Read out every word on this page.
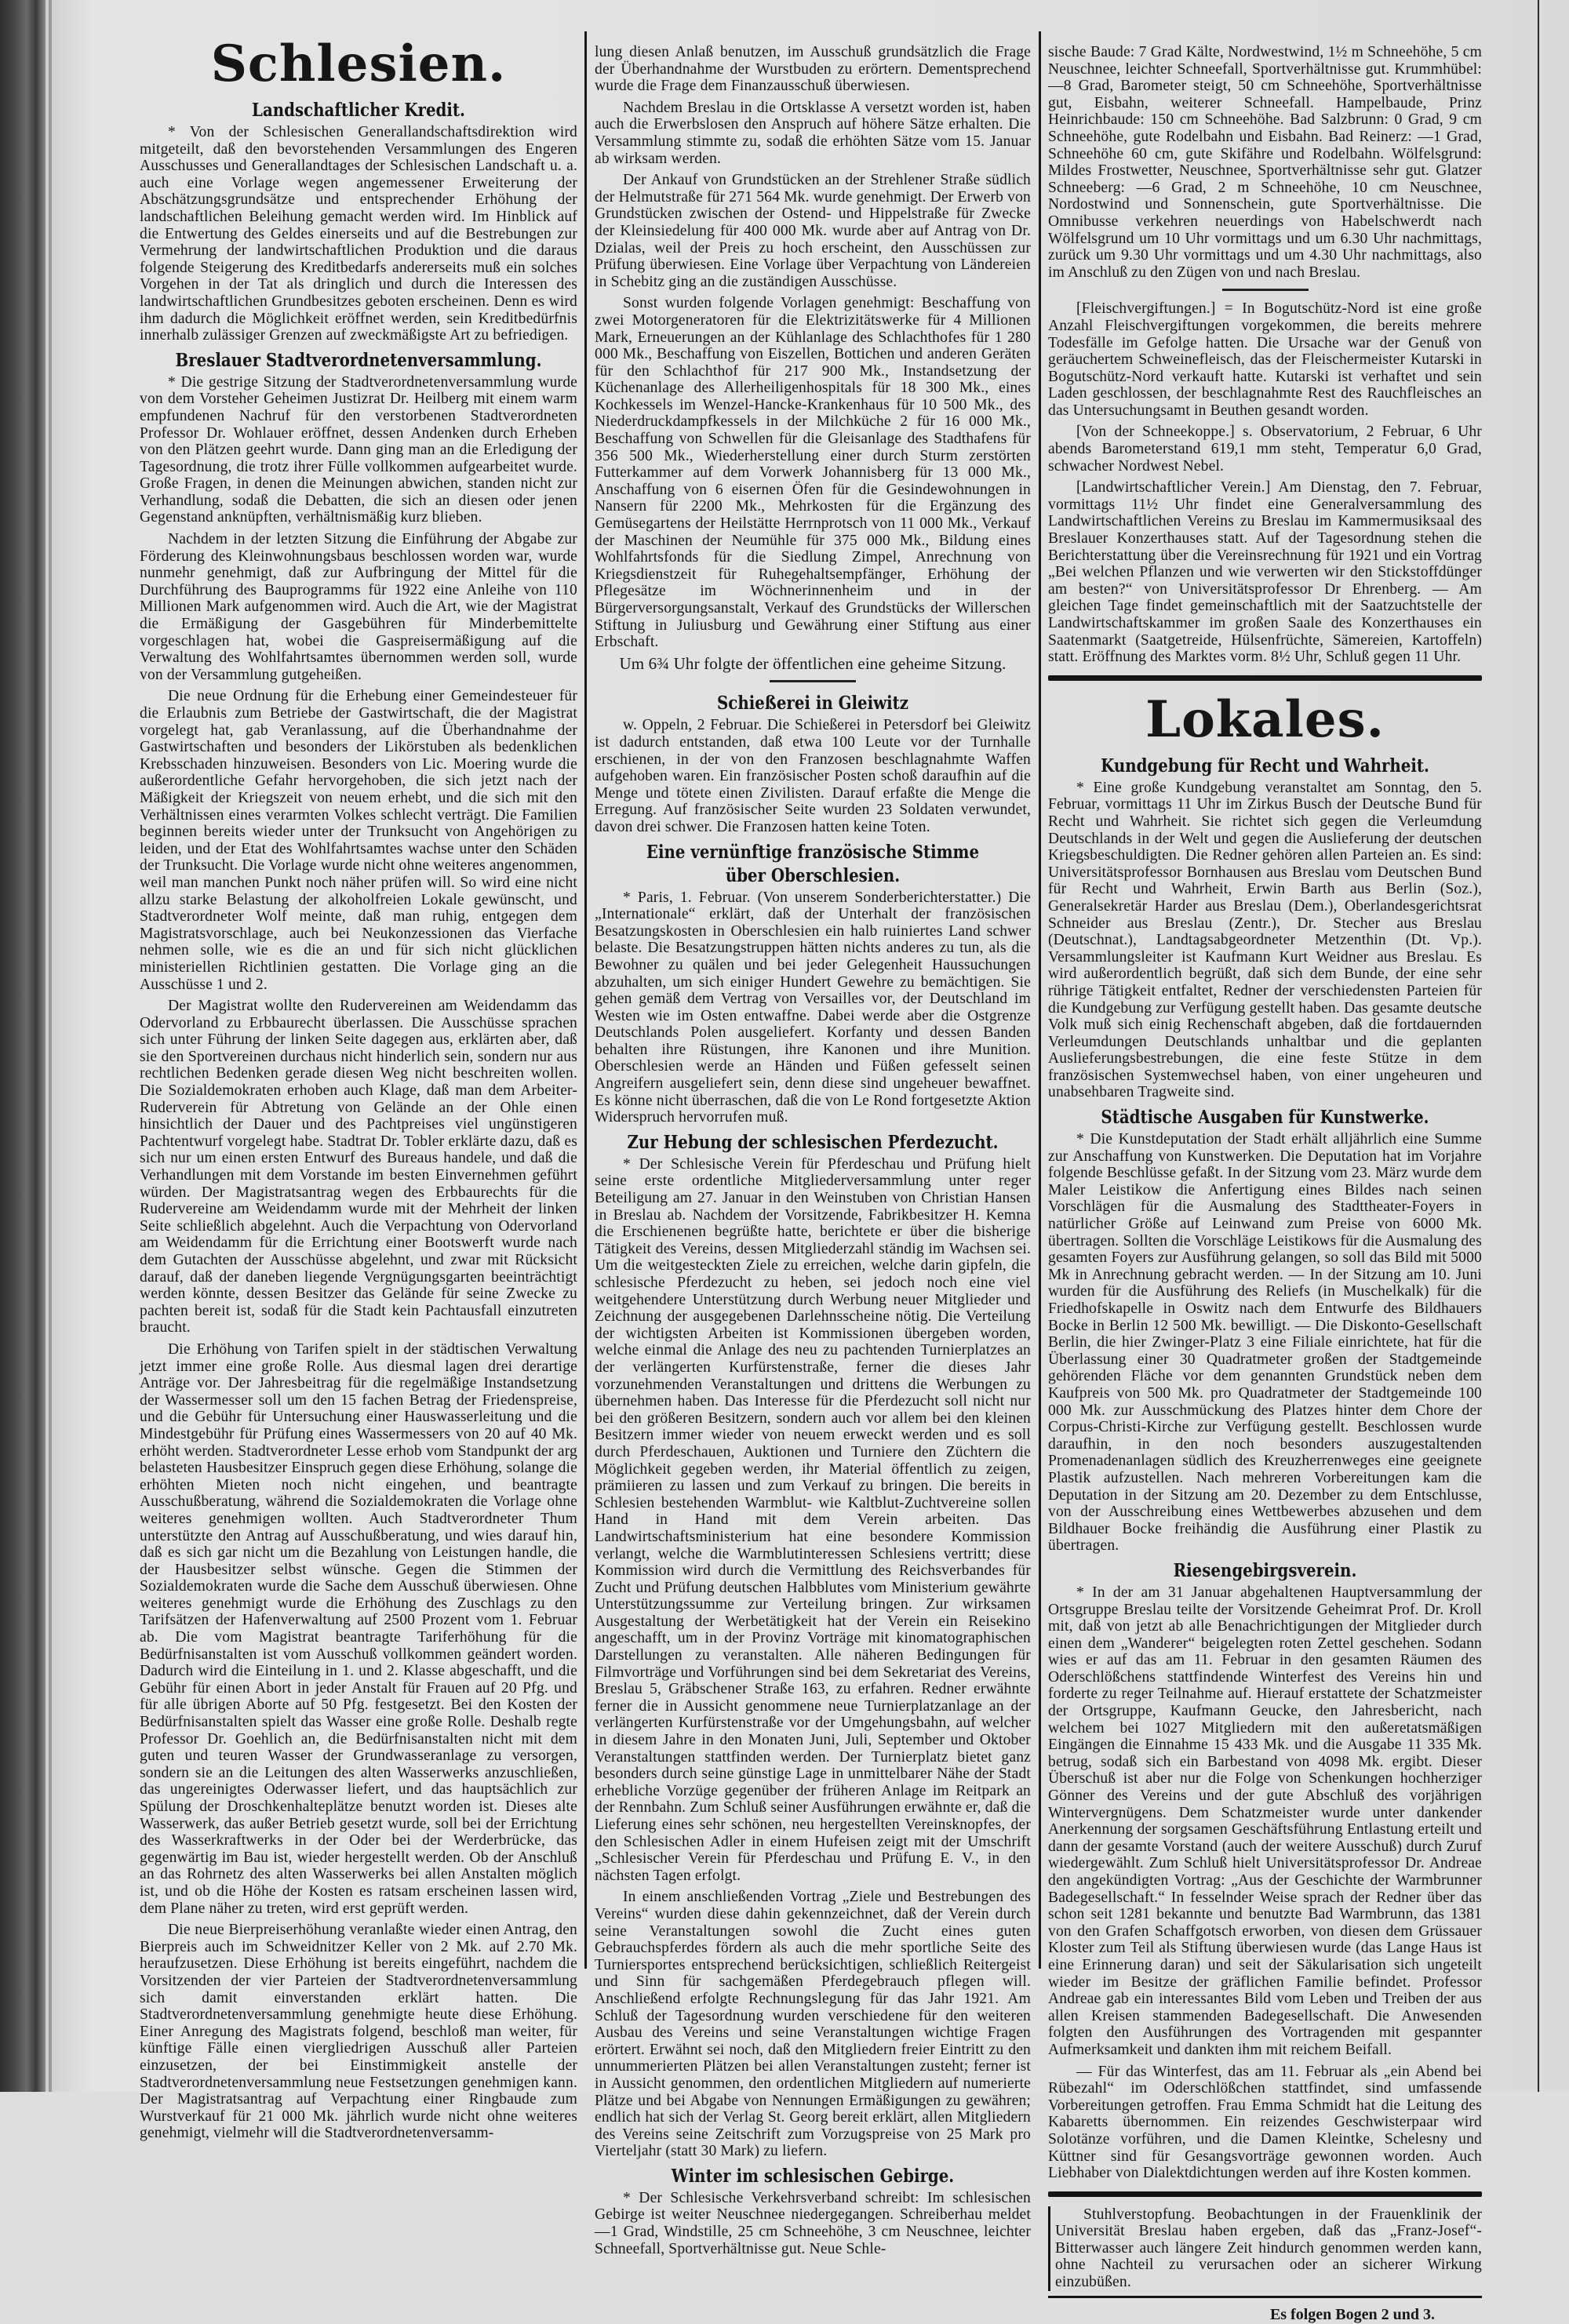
Schlesien.
Landschaftlicher Kredit.
* Von der Schlesischen Generallandschaftsdirektion wird mitgeteilt, daß den bevorstehenden Versammlungen des Engeren Ausschusses und Generallandtages der Schlesischen Landschaft u. a. auch eine Vorlage wegen angemessener Erweiterung der Abschätzungsgrundsätze und entsprechender Erhöhung der landschaftlichen Beleihung gemacht werden wird. Im Hinblick auf die Entwertung des Geldes einerseits und auf die Bestrebungen zur Vermehrung der landwirtschaftlichen Produktion und die daraus folgende Steigerung des Kreditbedarfs andererseits muß ein solches Vorgehen in der Tat als dringlich und durch die Interessen des landwirtschaftlichen Grundbesitzes geboten erscheinen. Denn es wird ihm dadurch die Möglichkeit eröffnet werden, sein Kreditbedürfnis innerhalb zulässiger Grenzen auf zweckmäßigste Art zu befriedigen.
Breslauer Stadtverordnetenversammlung.
* Die gestrige Sitzung der Stadtverordnetenversammlung wurde von dem Vorsteher Geheimen Justizrat Dr. Heilberg mit einem warm empfundenen Nachruf für den verstorbenen Stadtverordneten Professor Dr. Wohlauer eröffnet, dessen Andenken durch Erheben von den Plätzen geehrt wurde. Dann ging man an die Erledigung der Tagesordnung, die trotz ihrer Fülle vollkommen aufgearbeitet wurde. Große Fragen, in denen die Meinungen abwichen, standen nicht zur Verhandlung, sodaß die Debatten, die sich an diesen oder jenen Gegenstand anknüpften, verhältnismäßig kurz blieben.
Nachdem in der letzten Sitzung die Einführung der Abgabe zur Förderung des Kleinwohnungsbaus beschlossen worden war, wurde nunmehr genehmigt, daß zur Aufbringung der Mittel für die Durchführung des Bauprogramms für 1922 eine Anleihe von 110 Millionen Mark aufgenommen wird. Auch die Art, wie der Magistrat die Ermäßigung der Gasgebühren für Minderbemittelte vorgeschlagen hat, wobei die Gaspreisermäßigung auf die Verwaltung des Wohlfahrtsamtes übernommen werden soll, wurde von der Versammlung gutgeheißen.
Die neue Ordnung für die Erhebung einer Gemeindesteuer für die Erlaubnis zum Betriebe der Gastwirtschaft, die der Magistrat vorgelegt hat, gab Veranlassung, auf die Überhandnahme der Gastwirtschaften und besonders der Likörstuben als bedenklichen Krebsschaden hinzuweisen. Besonders von Lic. Moering wurde die außerordentliche Gefahr hervorgehoben, die sich jetzt nach der Mäßigkeit der Kriegszeit von neuem erhebt, und die sich mit den Verhältnissen eines verarmten Volkes schlecht verträgt. Die Familien beginnen bereits wieder unter der Trunksucht von Angehörigen zu leiden, und der Etat des Wohlfahrtsamtes wachse unter den Schäden der Trunksucht. Die Vorlage wurde nicht ohne weiteres angenommen, weil man manchen Punkt noch näher prüfen will. So wird eine nicht allzu starke Belastung der alkoholfreien Lokale gewünscht, und Stadtverordneter Wolf meinte, daß man ruhig, entgegen dem Magistratsvorschlage, auch bei Neukonzessionen das Vierfache nehmen solle, wie es die an und für sich nicht glücklichen ministeriellen Richtlinien gestatten. Die Vorlage ging an die Ausschüsse 1 und 2.
Der Magistrat wollte den Rudervereinen am Weidendamm das Odervorland zu Erbbaurecht überlassen. Die Ausschüsse sprachen sich unter Führung der linken Seite dagegen aus, erklärten aber, daß sie den Sportvereinen durchaus nicht hinderlich sein, sondern nur aus rechtlichen Bedenken gerade diesen Weg nicht beschreiten wollen. Die Sozialdemokraten erhoben auch Klage, daß man dem Arbeiter-Ruderverein für Abtretung von Gelände an der Ohle einen hinsichtlich der Dauer und des Pachtpreises viel ungünstigeren Pachtentwurf vorgelegt habe. Stadtrat Dr. Tobler erklärte dazu, daß es sich nur um einen ersten Entwurf des Bureaus handele, und daß die Verhandlungen mit dem Vorstande im besten Einvernehmen geführt würden. Der Magistratsantrag wegen des Erbbaurechts für die Rudervereine am Weidendamm wurde mit der Mehrheit der linken Seite schließlich abgelehnt. Auch die Verpachtung von Odervorland am Weidendamm für die Errichtung einer Bootswerft wurde nach dem Gutachten der Ausschüsse abgelehnt, und zwar mit Rücksicht darauf, daß der daneben liegende Vergnügungsgarten beeinträchtigt werden könnte, dessen Besitzer das Gelände für seine Zwecke zu pachten bereit ist, sodaß für die Stadt kein Pachtausfall einzutreten braucht.
Die Erhöhung von Tarifen spielt in der städtischen Verwaltung jetzt immer eine große Rolle. Aus diesmal lagen drei derartige Anträge vor. Der Jahresbeitrag für die regelmäßige Instandsetzung der Wassermesser soll um den 15 fachen Betrag der Friedenspreise, und die Gebühr für Untersuchung einer Hauswasserleitung und die Mindestgebühr für Prüfung eines Wassermessers von 20 auf 40 Mk. erhöht werden. Stadtverordneter Lesse erhob vom Standpunkt der arg belasteten Hausbesitzer Einspruch gegen diese Erhöhung, solange die erhöhten Mieten noch nicht eingehen, und beantragte Ausschußberatung, während die Sozialdemokraten die Vorlage ohne weiteres genehmigen wollten. Auch Stadtverordneter Thum unterstützte den Antrag auf Ausschußberatung, und wies darauf hin, daß es sich gar nicht um die Bezahlung von Leistungen handle, die der Hausbesitzer selbst wünsche. Gegen die Stimmen der Sozialdemokraten wurde die Sache dem Ausschuß überwiesen. Ohne weiteres genehmigt wurde die Erhöhung des Zuschlags zu den Tarifsätzen der Hafenverwaltung auf 2500 Prozent vom 1. Februar ab. Die vom Magistrat beantragte Tariferhöhung für die Bedürfnisanstalten ist vom Ausschuß vollkommen geändert worden. Dadurch wird die Einteilung in 1. und 2. Klasse abgeschafft, und die Gebühr für einen Abort in jeder Anstalt für Frauen auf 20 Pfg. und für alle übrigen Aborte auf 50 Pfg. festgesetzt. Bei den Kosten der Bedürfnisanstalten spielt das Wasser eine große Rolle. Deshalb regte Professor Dr. Goehlich an, die Bedürfnisanstalten nicht mit dem guten und teuren Wasser der Grundwasseranlage zu versorgen, sondern sie an die Leitungen des alten Wasserwerks anzuschließen, das ungereinigtes Oderwasser liefert, und das hauptsächlich zur Spülung der Droschkenhalteplätze benutzt worden ist. Dieses alte Wasserwerk, das außer Betrieb gesetzt wurde, soll bei der Errichtung des Wasserkraftwerks in der Oder bei der Werderbrücke, das gegenwärtig im Bau ist, wieder hergestellt werden. Ob der Anschluß an das Rohrnetz des alten Wasserwerks bei allen Anstalten möglich ist, und ob die Höhe der Kosten es ratsam erscheinen lassen wird, dem Plane näher zu treten, wird erst geprüft werden.
Die neue Bierpreiserhöhung veranlaßte wieder einen Antrag, den Bierpreis auch im Schweidnitzer Keller von 2 Mk. auf 2.70 Mk. heraufzusetzen. Diese Erhöhung ist bereits eingeführt, nachdem die Vorsitzenden der vier Parteien der Stadtverordnetenversammlung sich damit einverstanden erklärt hatten. Die Stadtverordnetenversammlung genehmigte heute diese Erhöhung. Einer Anregung des Magistrats folgend, beschloß man weiter, für künftige Fälle einen viergliedrigen Ausschuß aller Parteien einzusetzen, der bei Einstimmigkeit anstelle der Stadtverordnetenversammlung neue Festsetzungen genehmigen kann. Der Magistratsantrag auf Verpachtung einer Ringbaude zum Wurstverkauf für 21 000 Mk. jährlich wurde nicht ohne weiteres genehmigt, vielmehr will die Stadtverordnetenversamm-
lung diesen Anlaß benutzen, im Ausschuß grundsätzlich die Frage der Überhandnahme der Wurstbuden zu erörtern. Dementsprechend wurde die Frage dem Finanzausschuß überwiesen.
Nachdem Breslau in die Ortsklasse A versetzt worden ist, haben auch die Erwerbslosen den Anspruch auf höhere Sätze erhalten. Die Versammlung stimmte zu, sodaß die erhöhten Sätze vom 15. Januar ab wirksam werden.
Der Ankauf von Grundstücken an der Strehlener Straße südlich der Helmutstraße für 271 564 Mk. wurde genehmigt. Der Erwerb von Grundstücken zwischen der Ostend- und Hippelstraße für Zwecke der Kleinsiedelung für 400 000 Mk. wurde aber auf Antrag von Dr. Dzialas, weil der Preis zu hoch erscheint, den Ausschüssen zur Prüfung überwiesen. Eine Vorlage über Verpachtung von Ländereien in Schebitz ging an die zuständigen Ausschüsse.
Sonst wurden folgende Vorlagen genehmigt: Beschaffung von zwei Motorgeneratoren für die Elektrizitätswerke für 4 Millionen Mark, Erneuerungen an der Kühlanlage des Schlachthofes für 1 280 000 Mk., Beschaffung von Eiszellen, Bottichen und anderen Geräten für den Schlachthof für 217 900 Mk., Instandsetzung der Küchenanlage des Allerheiligenhospitals für 18 300 Mk., eines Kochkessels im Wenzel-Hancke-Krankenhaus für 10 500 Mk., des Niederdruckdampfkessels in der Milchküche 2 für 16 000 Mk., Beschaffung von Schwellen für die Gleisanlage des Stadthafens für 356 500 Mk., Wiederherstellung einer durch Sturm zerstörten Futterkammer auf dem Vorwerk Johannisberg für 13 000 Mk., Anschaffung von 6 eisernen Öfen für die Gesindewohnungen in Nansern für 2200 Mk., Mehrkosten für die Ergänzung des Gemüsegartens der Heilstätte Herrnprotsch von 11 000 Mk., Verkauf der Maschinen der Neumühle für 375 000 Mk., Bildung eines Wohlfahrtsfonds für die Siedlung Zimpel, Anrechnung von Kriegsdienstzeit für Ruhegehaltsempfänger, Erhöhung der Pflegesätze im Wöchnerinnenheim und in der Bürgerversorgungsanstalt, Verkauf des Grundstücks der Willerschen Stiftung in Juliusburg und Gewährung einer Stiftung aus einer Erbschaft.
Um 6¾ Uhr folgte der öffentlichen eine geheime Sitzung.
Schießerei in Gleiwitz
w. Oppeln, 2 Februar. Die Schießerei in Petersdorf bei Gleiwitz ist dadurch entstanden, daß etwa 100 Leute vor der Turnhalle erschienen, in der von den Franzosen beschlagnahmte Waffen aufgehoben waren. Ein französischer Posten schoß daraufhin auf die Menge und tötete einen Zivilisten. Darauf erfaßte die Menge die Erregung. Auf französischer Seite wurden 23 Soldaten verwundet, davon drei schwer. Die Franzosen hatten keine Toten.
Eine vernünftige französische Stimme über Oberschlesien.
* Paris, 1. Februar. (Von unserem Sonderberichterstatter.) Die „Internationale“ erklärt, daß der Unterhalt der französischen Besatzungskosten in Oberschlesien ein halb ruiniertes Land schwer belaste. Die Besatzungstruppen hätten nichts anderes zu tun, als die Bewohner zu quälen und bei jeder Gelegenheit Haussuchungen abzuhalten, um sich einiger Hundert Gewehre zu bemächtigen. Sie gehen gemäß dem Vertrag von Versailles vor, der Deutschland im Westen wie im Osten entwaffne. Dabei werde aber die Ostgrenze Deutschlands Polen ausgeliefert. Korfanty und dessen Banden behalten ihre Rüstungen, ihre Kanonen und ihre Munition. Oberschlesien werde an Händen und Füßen gefesselt seinen Angreifern ausgeliefert sein, denn diese sind ungeheuer bewaffnet. Es könne nicht überraschen, daß die von Le Rond fortgesetzte Aktion Widerspruch hervorrufen muß.
Zur Hebung der schlesischen Pferdezucht.
* Der Schlesische Verein für Pferdeschau und Prüfung hielt seine erste ordentliche Mitgliederversammlung unter reger Beteiligung am 27. Januar in den Weinstuben von Christian Hansen in Breslau ab. Nachdem der Vorsitzende, Fabrikbesitzer H. Kemna die Erschienenen begrüßte hatte, berichtete er über die bisherige Tätigkeit des Vereins, dessen Mitgliederzahl ständig im Wachsen sei. Um die weitgesteckten Ziele zu erreichen, welche darin gipfeln, die schlesische Pferdezucht zu heben, sei jedoch noch eine viel weitgehendere Unterstützung durch Werbung neuer Mitglieder und Zeichnung der ausgegebenen Darlehnsscheine nötig. Die Verteilung der wichtigsten Arbeiten ist Kommissionen übergeben worden, welche einmal die Anlage des neu zu pachtenden Turnierplatzes an der verlängerten Kurfürstenstraße, ferner die dieses Jahr vorzunehmenden Veranstaltungen und drittens die Werbungen zu übernehmen haben. Das Interesse für die Pferdezucht soll nicht nur bei den größeren Besitzern, sondern auch vor allem bei den kleinen Besitzern immer wieder von neuem erweckt werden und es soll durch Pferdeschauen, Auktionen und Turniere den Züchtern die Möglichkeit gegeben werden, ihr Material öffentlich zu zeigen, prämiieren zu lassen und zum Verkauf zu bringen. Die bereits in Schlesien bestehenden Warmblut- wie Kaltblut-Zuchtvereine sollen Hand in Hand mit dem Verein arbeiten. Das Landwirtschaftsministerium hat eine besondere Kommission verlangt, welche die Warmblutinteressen Schlesiens vertritt; diese Kommission wird durch die Vermittlung des Reichsverbandes für Zucht und Prüfung deutschen Halbblutes vom Ministerium gewährte Unterstützungssumme zur Verteilung bringen. Zur wirksamen Ausgestaltung der Werbetätigkeit hat der Verein ein Reisekino angeschafft, um in der Provinz Vorträge mit kinomatographischen Darstellungen zu veranstalten. Alle näheren Bedingungen für Filmvorträge und Vorführungen sind bei dem Sekretariat des Vereins, Breslau 5, Gräbschener Straße 163, zu erfahren. Redner erwähnte ferner die in Aussicht genommene neue Turnierplatzanlage an der verlängerten Kurfürstenstraße vor der Umgehungsbahn, auf welcher in diesem Jahre in den Monaten Juni, Juli, September und Oktober Veranstaltungen stattfinden werden. Der Turnierplatz bietet ganz besonders durch seine günstige Lage in unmittelbarer Nähe der Stadt erhebliche Vorzüge gegenüber der früheren Anlage im Reitpark an der Rennbahn. Zum Schluß seiner Ausführungen erwähnte er, daß die Lieferung eines sehr schönen, neu hergestellten Vereinsknopfes, der den Schlesischen Adler in einem Hufeisen zeigt mit der Umschrift „Schlesischer Verein für Pferdeschau und Prüfung E. V., in den nächsten Tagen erfolgt.
In einem anschließenden Vortrag „Ziele und Bestrebungen des Vereins“ wurden diese dahin gekennzeichnet, daß der Verein durch seine Veranstaltungen sowohl die Zucht eines guten Gebrauchspferdes fördern als auch die mehr sportliche Seite des Turniersportes entsprechend berücksichtigen, schließlich Reitergeist und Sinn für sachgemäßen Pferdegebrauch pflegen will. Anschließend erfolgte Rechnungslegung für das Jahr 1921. Am Schluß der Tagesordnung wurden verschiedene für den weiteren Ausbau des Vereins und seine Veranstaltungen wichtige Fragen erörtert. Erwähnt sei noch, daß den Mitgliedern freier Eintritt zu den unnummerierten Plätzen bei allen Veranstaltungen zusteht; ferner ist in Aussicht genommen, den ordentlichen Mitgliedern auf numerierte Plätze und bei Abgabe von Nennungen Ermäßigungen zu gewähren; endlich hat sich der Verlag St. Georg bereit erklärt, allen Mitgliedern des Vereins seine Zeitschrift zum Vorzugspreise von 25 Mark pro Vierteljahr (statt 30 Mark) zu liefern.
Winter im schlesischen Gebirge.
* Der Schlesische Verkehrsverband schreibt: Im schlesischen Gebirge ist weiter Neuschnee niedergegangen. Schreiberhau meldet —1 Grad, Windstille, 25 cm Schneehöhe, 3 cm Neuschnee, leichter Schneefall, Sportverhältnisse gut. Neue Schle-
sische Baude: 7 Grad Kälte, Nordwestwind, 1½ m Schneehöhe, 5 cm Neuschnee, leichter Schneefall, Sportverhältnisse gut. Krummhübel: —8 Grad, Barometer steigt, 50 cm Schneehöhe, Sportverhältnisse gut, Eisbahn, weiterer Schneefall. Hampelbaude, Prinz Heinrichbaude: 150 cm Schneehöhe. Bad Salzbrunn: 0 Grad, 9 cm Schneehöhe, gute Rodelbahn und Eisbahn. Bad Reinerz: —1 Grad, Schneehöhe 60 cm, gute Skifähre und Rodelbahn. Wölfelsgrund: Mildes Frostwetter, Neuschnee, Sportverhältnisse sehr gut. Glatzer Schneeberg: —6 Grad, 2 m Schneehöhe, 10 cm Neuschnee, Nordostwind und Sonnenschein, gute Sportverhältnisse. Die Omnibusse verkehren neuerdings von Habelschwerdt nach Wölfelsgrund um 10 Uhr vormittags und um 6.30 Uhr nachmittags, zurück um 9.30 Uhr vormittags und um 4.30 Uhr nachmittags, also im Anschluß zu den Zügen von und nach Breslau.
[Fleischvergiftungen.] = In Bogutschütz-Nord ist eine große Anzahl Fleischvergiftungen vorgekommen, die bereits mehrere Todesfälle im Gefolge hatten. Die Ursache war der Genuß von geräuchertem Schweinefleisch, das der Fleischermeister Kutarski in Bogutschütz-Nord verkauft hatte. Kutarski ist verhaftet und sein Laden geschlossen, der beschlagnahmte Rest des Rauchfleisches an das Untersuchungsamt in Beuthen gesandt worden.
[Von der Schneekoppe.] s. Observatorium, 2 Februar, 6 Uhr abends Barometerstand 619,1 mm steht, Temperatur 6,0 Grad, schwacher Nordwest Nebel.
[Landwirtschaftlicher Verein.] Am Dienstag, den 7. Februar, vormittags 11½ Uhr findet eine Generalversammlung des Landwirtschaftlichen Vereins zu Breslau im Kammermusiksaal des Breslauer Konzerthauses statt. Auf der Tagesordnung stehen die Berichterstattung über die Vereinsrechnung für 1921 und ein Vortrag „Bei welchen Pflanzen und wie verwerten wir den Stickstoffdünger am besten?“ von Universitätsprofessor Dr Ehrenberg. — Am gleichen Tage findet gemeinschaftlich mit der Saatzuchtstelle der Landwirtschaftskammer im großen Saale des Konzerthauses ein Saatenmarkt (Saatgetreide, Hülsenfrüchte, Sämereien, Kartoffeln) statt. Eröffnung des Marktes vorm. 8½ Uhr, Schluß gegen 11 Uhr.
Lokales.
Kundgebung für Recht und Wahrheit.
* Eine große Kundgebung veranstaltet am Sonntag, den 5. Februar, vormittags 11 Uhr im Zirkus Busch der Deutsche Bund für Recht und Wahrheit. Sie richtet sich gegen die Verleumdung Deutschlands in der Welt und gegen die Auslieferung der deutschen Kriegsbeschuldigten. Die Redner gehören allen Parteien an. Es sind: Universitätsprofessor Bornhausen aus Breslau vom Deutschen Bund für Recht und Wahrheit, Erwin Barth aus Berlin (Soz.), Generalsekretär Harder aus Breslau (Dem.), Oberlandesgerichtsrat Schneider aus Breslau (Zentr.), Dr. Stecher aus Breslau (Deutschnat.), Landtagsabgeordneter Metzenthin (Dt. Vp.). Versammlungsleiter ist Kaufmann Kurt Weidner aus Breslau. Es wird außerordentlich begrüßt, daß sich dem Bunde, der eine sehr rührige Tätigkeit entfaltet, Redner der verschiedensten Parteien für die Kundgebung zur Verfügung gestellt haben. Das gesamte deutsche Volk muß sich einig Rechenschaft abgeben, daß die fortdauernden Verleumdungen Deutschlands unhaltbar und die geplanten Auslieferungsbestrebungen, die eine feste Stütze in dem französischen Systemwechsel haben, von einer ungeheuren und unabsehbaren Tragweite sind.
Städtische Ausgaben für Kunstwerke.
* Die Kunstdeputation der Stadt erhält alljährlich eine Summe zur Anschaffung von Kunstwerken. Die Deputation hat im Vorjahre folgende Beschlüsse gefaßt. In der Sitzung vom 23. März wurde dem Maler Leistikow die Anfertigung eines Bildes nach seinen Vorschlägen für die Ausmalung des Stadttheater-Foyers in natürlicher Größe auf Leinwand zum Preise von 6000 Mk. übertragen. Sollten die Vorschläge Leistikows für die Ausmalung des gesamten Foyers zur Ausführung gelangen, so soll das Bild mit 5000 Mk in Anrechnung gebracht werden. — In der Sitzung am 10. Juni wurden für die Ausführung des Reliefs (in Muschelkalk) für die Friedhofskapelle in Oswitz nach dem Entwurfe des Bildhauers Bocke in Berlin 12 500 Mk. bewilligt. — Die Diskonto-Gesellschaft Berlin, die hier Zwinger-Platz 3 eine Filiale einrichtete, hat für die Überlassung einer 30 Quadratmeter großen der Stadtgemeinde gehörenden Fläche vor dem genannten Grundstück neben dem Kaufpreis von 500 Mk. pro Quadratmeter der Stadtgemeinde 100 000 Mk. zur Ausschmückung des Platzes hinter dem Chore der Corpus-Christi-Kirche zur Verfügung gestellt. Beschlossen wurde daraufhin, in den noch besonders auszugestaltenden Promenadenanlagen südlich des Kreuzherrenweges eine geeignete Plastik aufzustellen. Nach mehreren Vorbereitungen kam die Deputation in der Sitzung am 20. Dezember zu dem Entschlusse, von der Ausschreibung eines Wettbewerbes abzusehen und dem Bildhauer Bocke freihändig die Ausführung einer Plastik zu übertragen.
Riesengebirgsverein.
* In der am 31 Januar abgehaltenen Hauptversammlung der Ortsgruppe Breslau teilte der Vorsitzende Geheimrat Prof. Dr. Kroll mit, daß von jetzt ab alle Benachrichtigungen der Mitglieder durch einen dem „Wanderer“ beigelegten roten Zettel geschehen. Sodann wies er auf das am 11. Februar in den gesamten Räumen des Oderschlößchens stattfindende Winterfest des Vereins hin und forderte zu reger Teilnahme auf. Hierauf erstattete der Schatzmeister der Ortsgruppe, Kaufmann Geucke, den Jahresbericht, nach welchem bei 1027 Mitgliedern mit den außeretatsmäßigen Eingängen die Einnahme 15 433 Mk. und die Ausgabe 11 335 Mk. betrug, sodaß sich ein Barbestand von 4098 Mk. ergibt. Dieser Überschuß ist aber nur die Folge von Schenkungen hochherziger Gönner des Vereins und der gute Abschluß des vorjährigen Wintervergnügens. Dem Schatzmeister wurde unter dankender Anerkennung der sorgsamen Geschäftsführung Entlastung erteilt und dann der gesamte Vorstand (auch der weitere Ausschuß) durch Zuruf wiedergewählt. Zum Schluß hielt Universitätsprofessor Dr. Andreae den angekündigten Vortrag: „Aus der Geschichte der Warmbrunner Badegesellschaft.“ In fesselnder Weise sprach der Redner über das schon seit 1281 bekannte und benutzte Bad Warmbrunn, das 1381 von den Grafen Schaffgotsch erworben, von diesen dem Grüssauer Kloster zum Teil als Stiftung überwiesen wurde (das Lange Haus ist eine Erinnerung daran) und seit der Säkularisation sich ungeteilt wieder im Besitze der gräflichen Familie befindet. Professor Andreae gab ein interessantes Bild vom Leben und Treiben der aus allen Kreisen stammenden Badegesellschaft. Die Anwesenden folgten den Ausführungen des Vortragenden mit gespannter Aufmerksamkeit und dankten ihm mit reichem Beifall.
— Für das Winterfest, das am 11. Februar als „ein Abend bei Rübezahl“ im Oderschlößchen stattfindet, sind umfassende Vorbereitungen getroffen. Frau Emma Schmidt hat die Leitung des Kabaretts übernommen. Ein reizendes Geschwisterpaar wird Solotänze vorführen, und die Damen Kleintke, Schelesny und Küttner sind für Gesangsvorträge gewonnen worden. Auch Liebhaber von Dialektdichtungen werden auf ihre Kosten kommen.
Stuhlverstopfung. Beobachtungen in der Frauenklinik der Universität Breslau haben ergeben, daß das „Franz-Josef“-Bitterwasser auch längere Zeit hindurch genommen werden kann, ohne Nachteil zu verursachen oder an sicherer Wirkung einzubüßen.
Es folgen Bogen 2 und 3.
